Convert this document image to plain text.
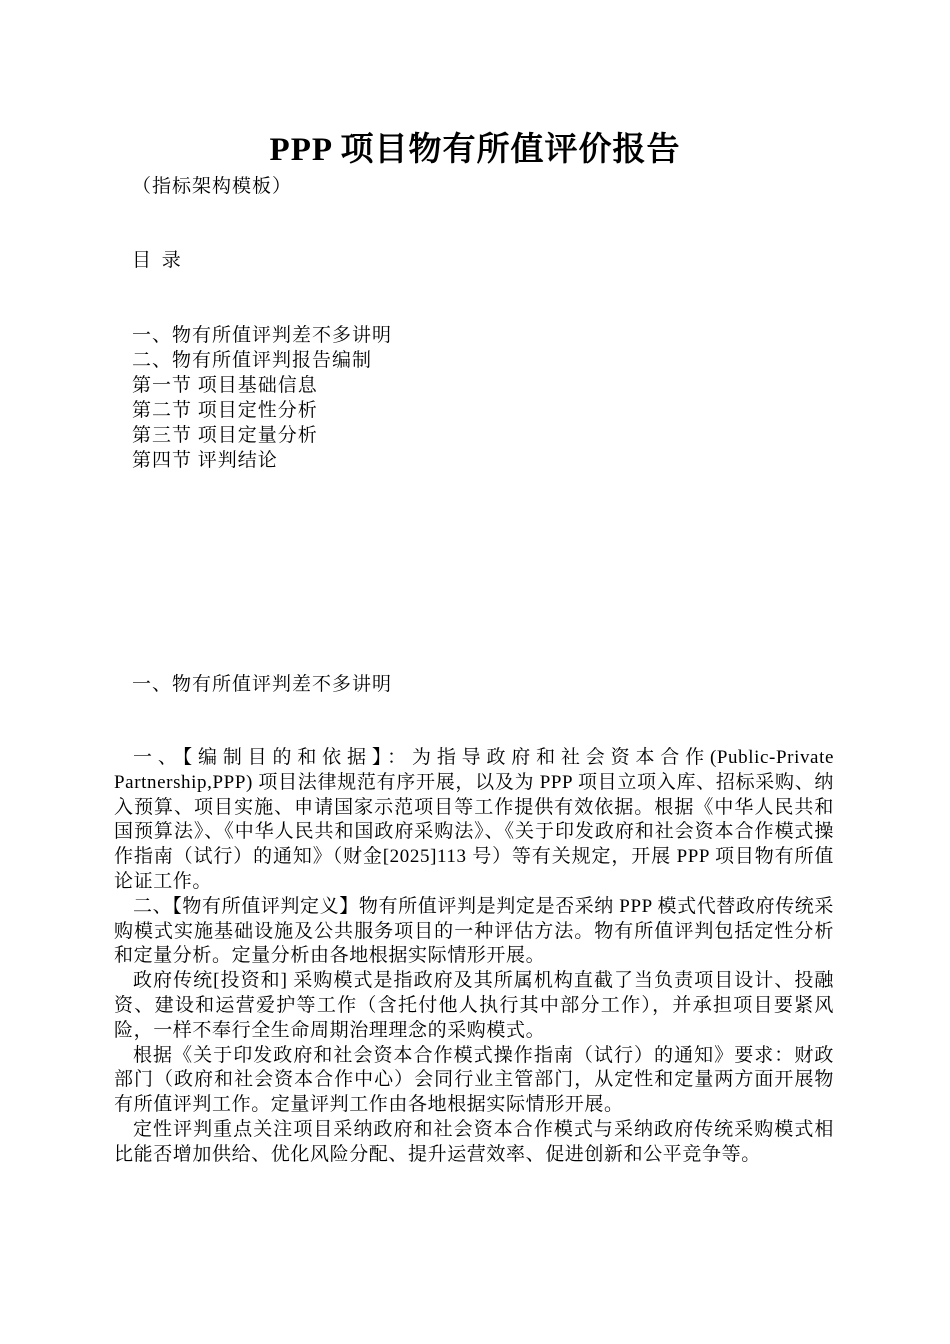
PPP 项目物有所值评价报告
（指标架构模板）
目 录
一、物有所值评判差不多讲明
二、物有所值评判报告编制
第一节 项目基础信息
第二节 项目定性分析
第三节 项目定量分析
第四节 评判结论
一、物有所值评判差不多讲明

一、【编制目的和依据】：为指导政府和社会资本合作(Public-Private Partnership,PPP) 项目法律规范有序开展，以及为 PPP 项目立项入库、招标采购、纳入预算、项目实施、申请国家示范项目等工作提供有效依据。根据《中华人民共和国预算法》、《中华人民共和国政府采购法》、《关于印发政府和社会资本合作模式操作指南（试行）的通知》（财金[2025]113 号）等有关规定，开展 PPP 项目物有所值论证工作。

二、【物有所值评判定义】物有所值评判是判定是否采纳 PPP 模式代替政府传统采购模式实施基础设施及公共服务项目的一种评估方法。物有所值评判包括定性分析和定量分析。定量分析由各地根据实际情形开展。

政府传统[投资和] 采购模式是指政府及其所属机构直截了当负责项目设计、投融资、建设和运营爱护等工作（含托付他人执行其中部分工作），并承担项目要紧风险，一样不奉行全生命周期治理理念的采购模式。

根据《关于印发政府和社会资本合作模式操作指南（试行）的通知》要求：财政部门（政府和社会资本合作中心）会同行业主管部门，从定性和定量两方面开展物有所值评判工作。定量评判工作由各地根据实际情形开展。

定性评判重点关注项目采纳政府和社会资本合作模式与采纳政府传统采购模式相比能否增加供给、优化风险分配、提升运营效率、促进创新和公平竞争等。
